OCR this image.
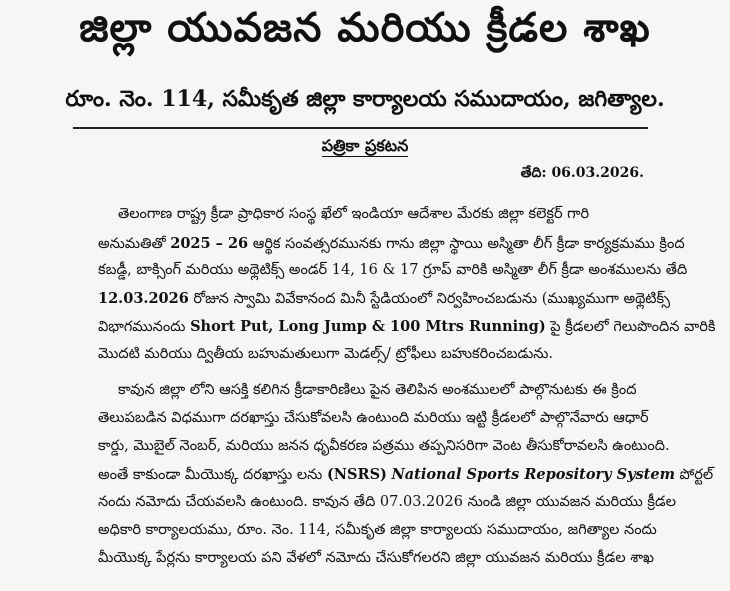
జిల్లా యువజన మరియు క్రీడల శాఖ
రూం. నెం. 114, సమీకృత జిల్లా కార్యాలయ సముదాయం, జగిత్యాల.
పత్రికా ప్రకటన
తేది: 06.03.2026.
తెలంగాణ రాష్ట్ర క్రీడా ప్రాధికార సంస్థ ఖేలో ఇండియా ఆదేశాల మేరకు జిల్లా కలెక్టర్ గారి
అనుమతితో 2025 – 26 ఆర్థిక సంవత్సరమునకు గాను జిల్లా స్థాయి అస్మితా లీగ్ క్రీడా కార్యక్రమము క్రింద
కబడ్డీ, బాక్సింగ్ మరియు అథ్లెటిక్స్ అండర్ 14, 16 & 17 గ్రూప్ వారికి అస్మితా లీగ్ క్రీడా అంశములను తేది
12.03.2026 రోజున స్వామి వివేకానంద మినీ స్టేడియంలో నిర్వహించబడును (ముఖ్యముగా అథ్లెటిక్స్
విభాగమునందు Short Put, Long Jump & 100 Mtrs Running) పై క్రీడలలో గెలుపొందిన వారికి
మొదటి మరియు ద్వితీయ బహుమతులుగా మెడల్స్/ ట్రోఫీలు బహుకరించబడును.
కావున జిల్లా లోని ఆసక్తి కలిగిన క్రీడాకారిణిలు పైన తెలిపిన అంశములలో పాల్గొనుటకు ఈ క్రింద
తెలుపబడిన విధముగా దరఖాస్తు చేసుకోవలసి ఉంటుంది మరియు ఇట్టి క్రీడలలో పాల్గొనేవారు ఆధార్
కార్డు, మొబైల్ నెంబర్, మరియు జనన ధృవీకరణ పత్రము తప్పనిసరిగా వెంట తీసుకోరావలసి ఉంటుంది.
అంతే కాకుండా మీయొక్క దరఖాస్తు లను (NSRS) National Sports Repository System పోర్టల్
నందు నమోదు చేయవలసి ఉంటుంది. కావున తేది 07.03.2026 నుండి జిల్లా యువజన మరియు క్రీడల
అధికారి కార్యాలయము, రూం. నెం. 114, సమీకృత జిల్లా కార్యాలయ సముదాయం, జగిత్యాల నందు
మీయొక్క పేర్లను కార్యాలయ పని వేళలో నమోదు చేసుకోగలరని జిల్లా యువజన మరియు క్రీడల శాఖ
